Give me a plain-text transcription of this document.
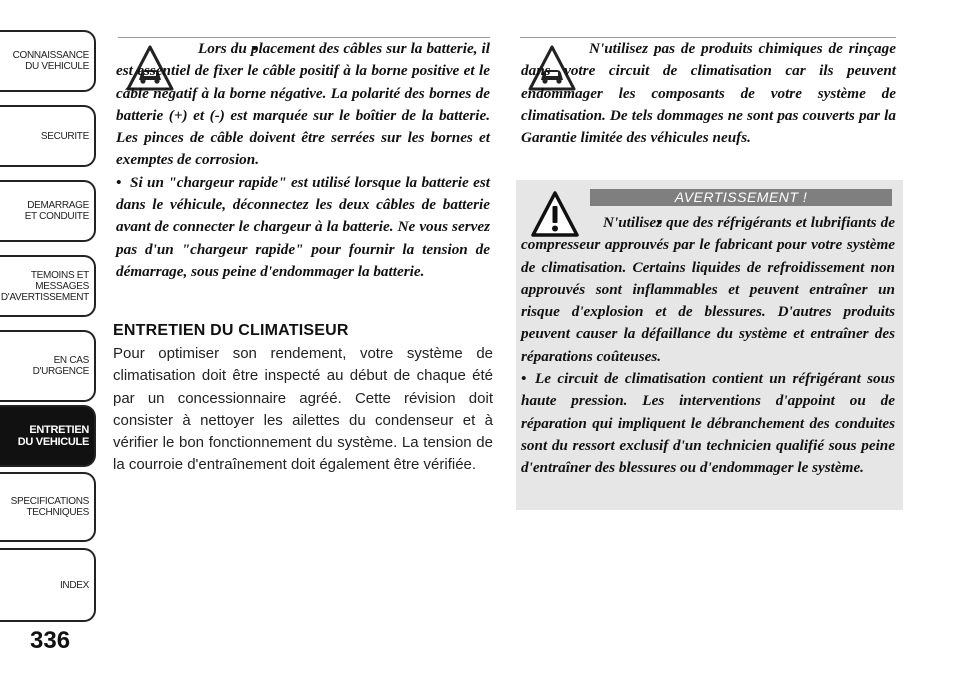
CONNAISSANCE
DU VEHICULE
SECURITE
DEMARRAGE
ET CONDUITE
TEMOINS ET
MESSAGES
D'AVERTISSEMENT
EN CAS
D'URGENCE
ENTRETIEN
DU VEHICULE
SPECIFICATIONS
TECHNIQUES
INDEX
336

• Lors du placement des câbles sur la batterie, il est essentiel de fixer le câble positif à la borne positive et le câble négatif à la borne négative. La polarité des bornes de batterie (+) et (-) est marquée sur le boîtier de la batterie. Les pinces de câble doivent être serrées sur les bornes et exemptes de corrosion.

• Si un "chargeur rapide" est utilisé lorsque la batterie est dans le véhicule, déconnectez les deux câbles de batterie avant de connecter le chargeur à la batterie. Ne vous servez pas d'un "chargeur rapide" pour fournir la tension de démarrage, sous peine d'endommager la batterie.

ENTRETIEN DU CLIMATISEUR
Pour optimiser son rendement, votre système de climatisation doit être inspecté au début de chaque été par un concessionnaire agréé. Cette révision doit consister à nettoyer les ailettes du condenseur et à vérifier le bon fonctionnement du système. La tension de la courroie d'entraînement doit également être vérifiée.
N'utilisez pas de produits chimiques de rinçage dans votre circuit de climatisation car ils peuvent endommager les composants de votre système de climatisation. De tels dommages ne sont pas couverts par la Garantie limitée des véhicules neufs.
AVERTISSEMENT !

• N'utilisez que des réfrigérants et lubrifiants de compresseur approuvés par le fabricant pour votre système de climatisation. Certains liquides de refroidissement non approuvés sont inflammables et peuvent entraîner un risque d'explosion et de blessures. D'autres produits peuvent causer la défaillance du système et entraîner des réparations coûteuses.

• Le circuit de climatisation contient un réfrigérant sous haute pression. Les interventions d'appoint ou de réparation qui impliquent le débranchement des conduites sont du ressort exclusif d'un technicien qualifié sous peine d'entraîner des blessures ou d'endommager le système.
